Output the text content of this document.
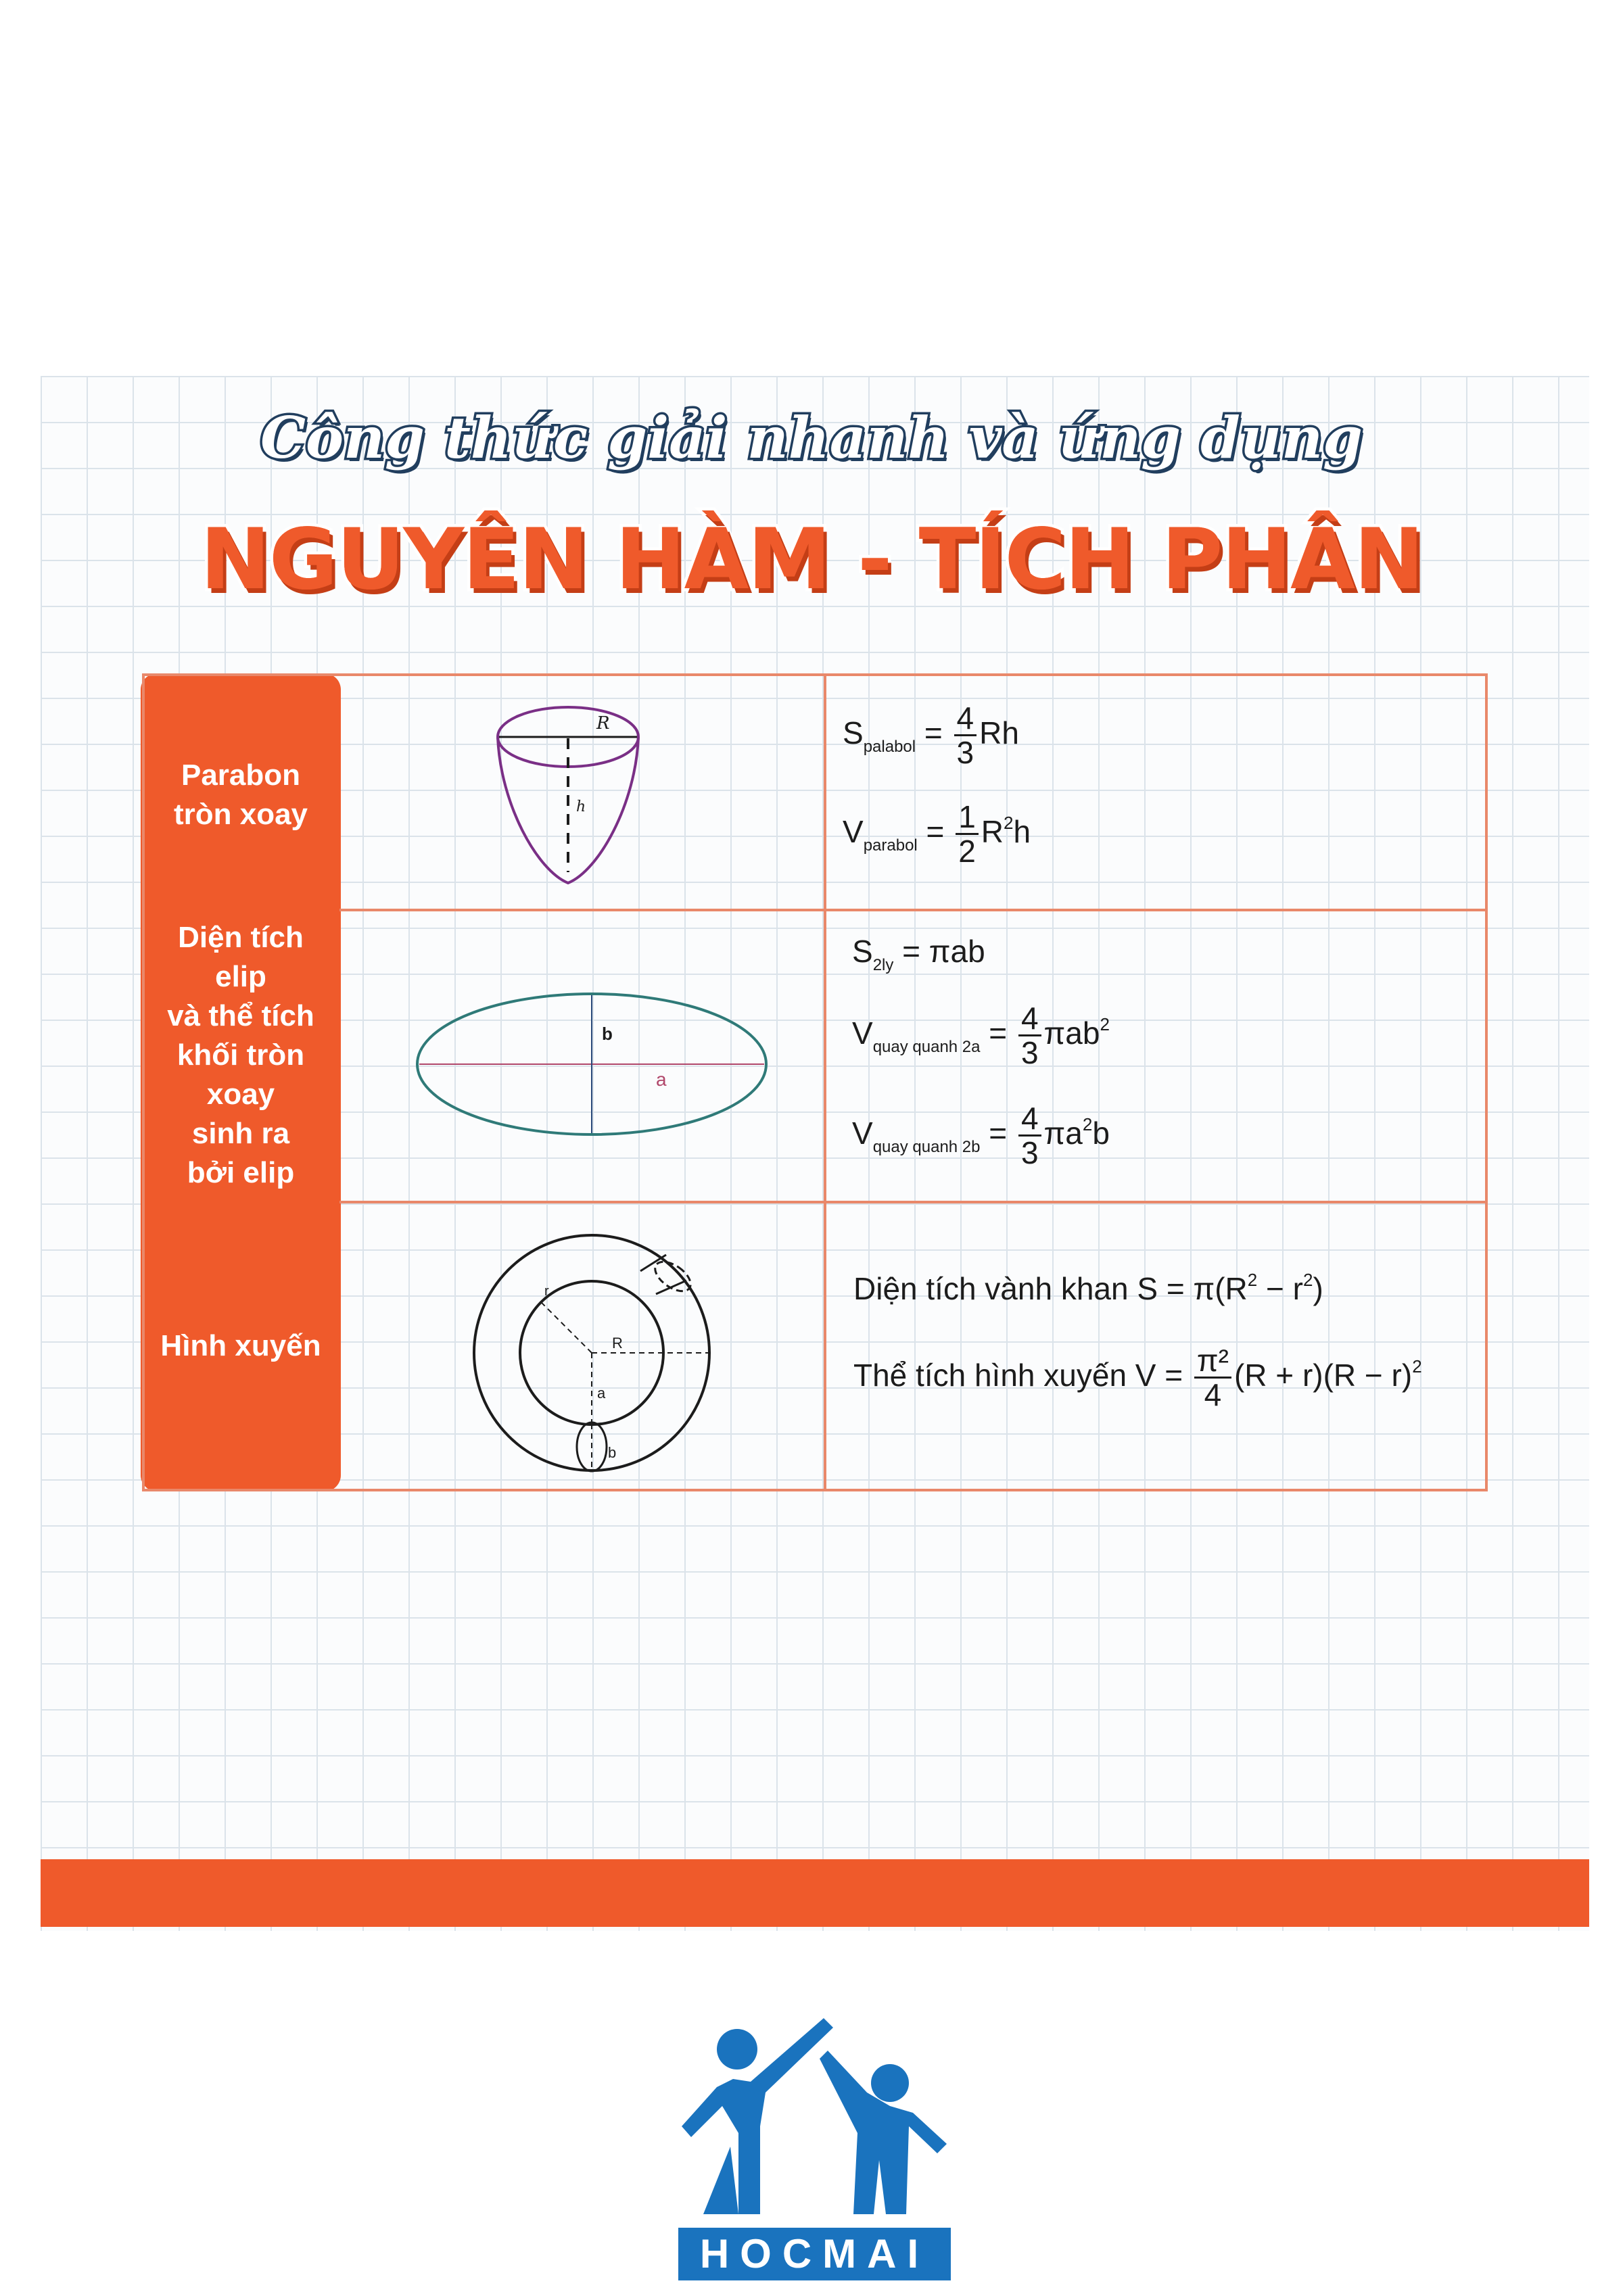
Công thức giải nhanh và ứng dụng
NGUYÊN HÀM - TÍCH PHÂN
Parabon
tròn xoay
Diện tích
elip
và thể tích
khối tròn
xoay
sinh ra
bởi elip
Hình xuyến
R
h
b
a
r
R
a
b
$S_{palabol} = \frac{4}{3}$ Rh
$V_{parabol} = \frac{1}{2} R^2h$
$S_{2ly} = \pi ab$
$V_{quay quanh 2a} = \frac{4}{3} \pi ab^2$
$V_{quay quanh 2b} = \frac{4}{3} \pi a^2b$
Diện tích vành khan $S = \pi(R^2 - r^2)$
Thể tích hình xuyến $V = \frac{\text{π²}}{4} (R + r)(R - r)^2$
HOCMAI
